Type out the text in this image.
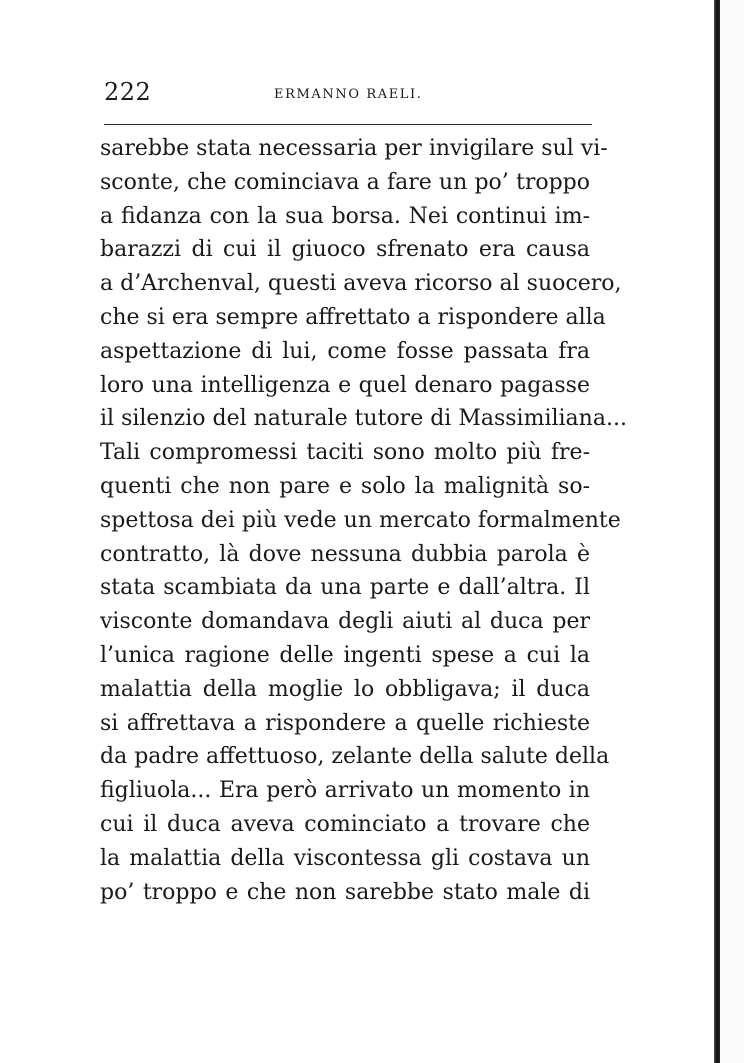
222	ERMANNO RAELI.
sarebbe stata necessaria per invigilare sul vi-
sconte, che cominciava a fare un po’ troppo
a fidanza con la sua borsa. Nei continui im-
barazzi di cui il giuoco sfrenato era causa
a d’Archenval, questi aveva ricorso al suocero,
che si era sempre affrettato a rispondere alla
aspettazione di lui, come fosse passata fra
loro una intelligenza e quel denaro pagasse
il silenzio del naturale tutore di Massimiliana...
Tali compromessi taciti sono molto più fre-
quenti che non pare e solo la malignità so-
spettosa dei più vede un mercato formalmente
contratto, là dove nessuna dubbia parola è
stata scambiata da una parte e dall’altra. Il
visconte domandava degli aiuti al duca per
l’unica ragione delle ingenti spese a cui la
malattia della moglie lo obbligava; il duca
si affrettava a rispondere a quelle richieste
da padre affettuoso, zelante della salute della
figliuola... Era però arrivato un momento in
cui il duca aveva cominciato a trovare che
la malattia della viscontessa gli costava un
po’ troppo e che non sarebbe stato male di
